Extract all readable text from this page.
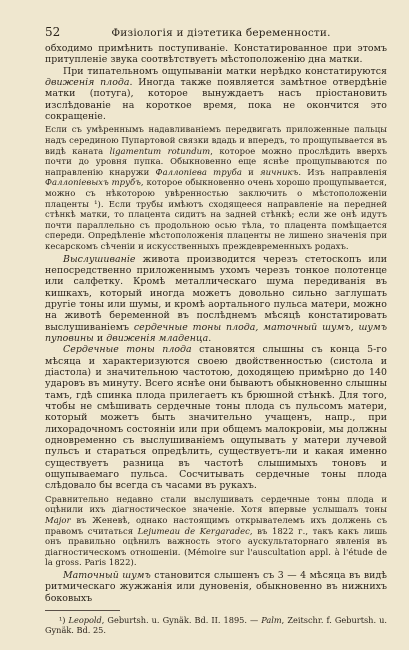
52	Физіологія и діэтетика беременности.

обходимо примѣнить поступиваніе. Констатированное при этомъ притупленіе звука соотвѣтствуетъ мѣстоположенію дна матки.

При типательномъ ощупываніи матки нерѣдко констатируются движенія плода. Иногда также появляется замѣтное отвердѣніе матки (потуга), которое вынуждаетъ насъ пріостановить изслѣдованіе на короткое время, пока не окончится это сокращеніе.

Если съ умѣреннымъ надавливаніемъ передвигать приложенные пальцы надъ серединою Пупартовой связки вдадь и впередъ, то прощупывается въ видѣ каната ligamentum rotundum, которое можно прослѣдить вверхъ почти до уровня пупка. Обыкновенно еще яснѣе прощупываются по направленію кнаружи Фаллопіева труба и яичникъ. Изъ направленія Фаллопіевыхъ трубъ, которое обыкновенно очень хорошо прощупывается, можно съ нѣкоторою увѣренностью заключить о мѣстоположеніи плаценты ¹). Если трубы имѣютъ сходящееся направленіе на передней стѣнкѣ матки, то плацента сидитъ на задней стѣнкѣ; если же онѣ идутъ почти параллельно съ продольною осью тѣла, то плацента помѣщается спереди. Опредѣленіе мѣстоположенія плаценты не лишено значенія при кесарскомъ сѣченіи и искусственныхъ преждевременныхъ родахъ.

Выслушиваніе живота производится черезъ стетоскопъ или непосредственно приложеннымъ ухомъ черезъ тонкое полотенце или салфетку. Кромѣ металлическаго шума передиванія въ кишкахъ, который иногда можетъ довольно сильно заглушать другіе тоны или шумы, и кромѣ аортального пульса матери, можно на животѣ беременной въ послѣднемъ мѣсяцѣ констатировать выслушиваніемъ сердечные тоны плода, маточный шумъ, шумъ пуповины и движенія младенца.

Сердечные тоны плода становятся слышны съ конца 5-го мѣсяца и характеризуются своею двойственностью (систола и діастола) и значительною частотою, доходящею примѣрно до 140 ударовъ въ минуту. Всего яснѣе они бываютъ обыкновенно слышны тамъ, гдѣ спинка плода прилегаетъ къ брюшной стѣнкѣ. Для того, чтобы не смѣшивать сердечные тоны плода съ пульсомъ матери, который можетъ быть значительно учащенъ, напр., при лихорадочномъ состояніи или при общемъ малокровіи, мы должны одновременно съ выслушиваніемъ ощупывать у матери лучевой пульсъ и стараться опредѣлить, существуетъ-ли и какая именно существуетъ разница въ частотѣ слышимыхъ тоновъ и ощупываемаго пульса. Сосчитывать сердечные тоны плода слѣдовало бы всегда съ часами въ рукахъ.

Сравнительно недавно стали выслушивать сердечные тоны плода и оцѣнили ихъ діагностическое значеніе. Хотя впервые услышалъ тоны Major въ Женевѣ, однако настоящимъ открывателемъ ихъ должень съ правомъ считаться Lejumeau de Kergaradec, въ 1822 г., такъ какъ лишь онъ правильно оцѣнилъ важность этого аускультаторнаго явленія въ діагностическомъ отношеніи. (Mémoire sur l'auscultation appl. à l'étude de la gross. Paris 1822).

Маточный шумъ становится слышенъ съ 3 — 4 мѣсяца въ видѣ ритмическаго жужжанія или дуновенія, обыкновенно въ нижнихъ боковыхъ

¹) Leopold, Geburtsh. u. Gynäk. Bd. II. 1895. — Palm, Zeitschr. f. Geburtsh. u. Gynäk. Bd. 25.
